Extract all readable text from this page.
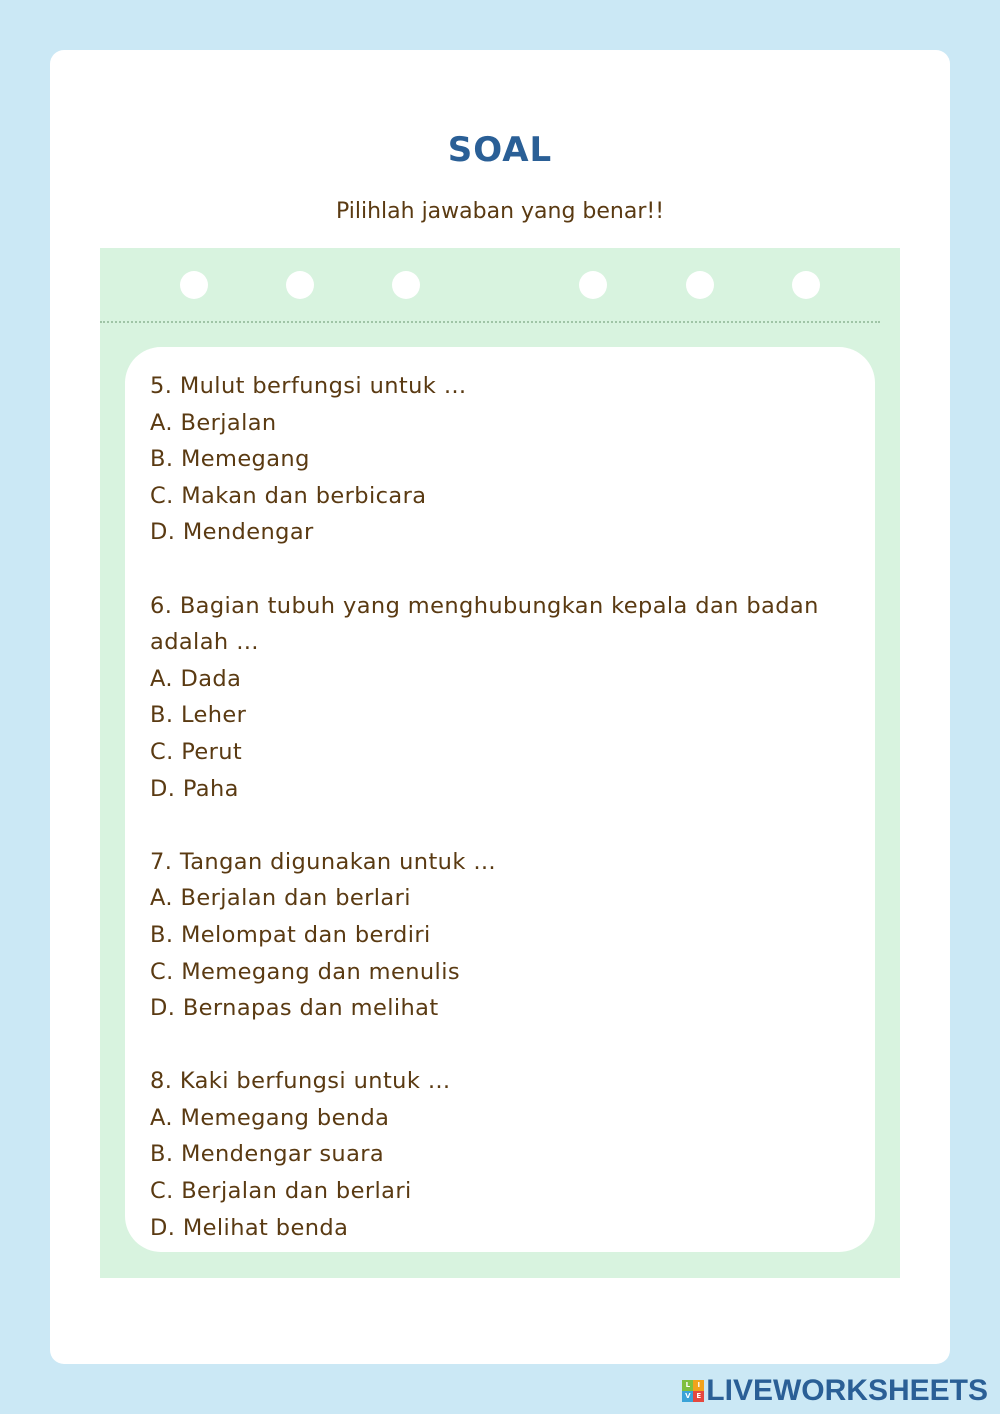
SOAL
Pilihlah jawaban yang benar!!

5. Mulut berfungsi untuk …

A. Berjalan

B. Memegang

C. Makan dan berbicara

D. Mendengar

6. Bagian tubuh yang menghubungkan kepala dan badan

adalah …

A. Dada

B. Leher

C. Perut

D. Paha

7. Tangan digunakan untuk …

A. Berjalan dan berlari

B. Melompat dan berdiri

C. Memegang dan menulis

D. Bernapas dan melihat

8. Kaki berfungsi untuk …

A. Memegang benda

B. Mendengar suara

C. Berjalan dan berlari

D. Melihat benda

L	I
V E LIVEWORKSHEETS
